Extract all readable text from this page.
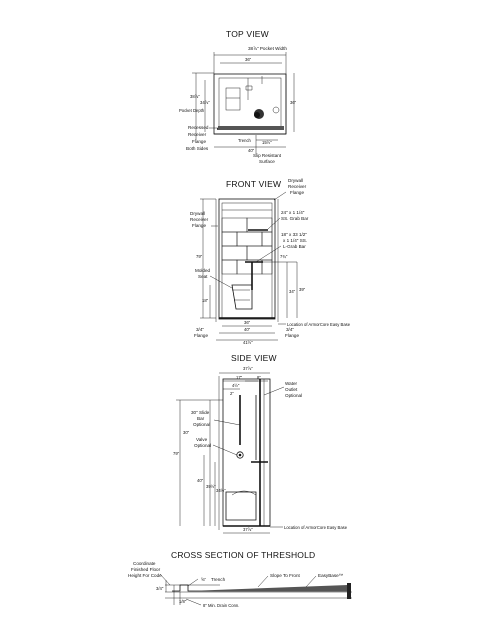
TOP VIEW
38⅞" Pocket Width
36"
38⅞"
34⅞"
Pocket Depth
36"
15½"
40"
Trench
Recessed
Receiver
Flange
Both Sides
Slip Resistant
Surface
FRONT VIEW Drywall
Receiver
Flange
Drywall
Receiver
Flange
24" x 1 1/4"
SS. Grab Bar
18" x 33 1/2"
x 1 1/4" SS.
L-Grab Bar
Molded
Seat
79"
18"
36"
40"
41½"
34" 39"
7¾"
Location of ArmorCore Easy Base
3/4"
Flange
3/4"
Flange
SIDE VIEW
37⅞"
17"	8"
4½"
2"
Water
Outlet
Optional
30" Slide
Bar
Optional
Valve
Optional
30"
79"
40"
39½"
34½"
37⅞"	Location of ArmorCore Easy Base
CROSS SECTION OF THRESHOLD
Coordinate
Finished Floor
Height For Code
3/4"
⅝" Trench
Slope To Front	EasyBase™
1/8"
8" Min. Drain Conn.
